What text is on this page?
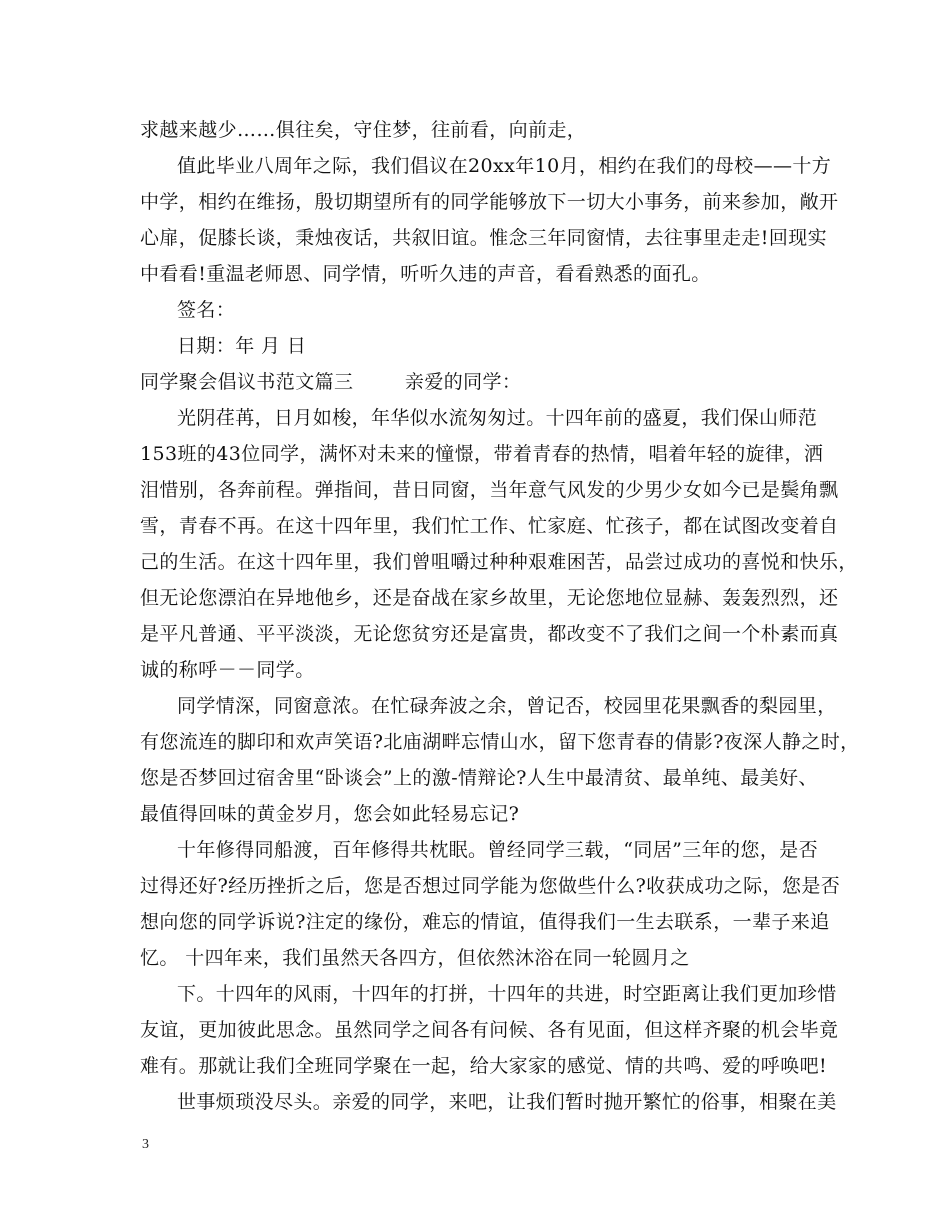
求越来越少……俱往矣，守住梦，往前看，向前走，
值此毕业八周年之际，我们倡议在20xx年10月，相约在我们的母校——十方
中学，相约在维扬，殷切期望所有的同学能够放下一切大小事务，前来参加，敞开
心扉，促膝长谈，秉烛夜话，共叙旧谊。惟念三年同窗情，去往事里走走!回现实
中看看!重温老师恩、同学情，听听久违的声音，看看熟悉的面孔。
签名：
日期：年 月 日
同学聚会倡议书范文篇三        亲爱的同学：
光阴荏苒，日月如梭，年华似水流匆匆过。十四年前的盛夏，我们保山师范
153班的43位同学，满怀对未来的憧憬，带着青春的热情，唱着年轻的旋律，洒
泪惜别，各奔前程。弹指间，昔日同窗，当年意气风发的少男少女如今已是鬓角飘
雪，青春不再。在这十四年里，我们忙工作、忙家庭、忙孩子，都在试图改变着自
己的生活。在这十四年里，我们曾咀嚼过种种艰难困苦，品尝过成功的喜悦和快乐，
但无论您漂泊在异地他乡，还是奋战在家乡故里，无论您地位显赫、轰轰烈烈，还
是平凡普通、平平淡淡，无论您贫穷还是富贵，都改变不了我们之间一个朴素而真
诚的称呼－－同学。
同学情深，同窗意浓。在忙碌奔波之余，曾记否，校园里花果飘香的梨园里，
有您流连的脚印和欢声笑语?北庙湖畔忘情山水，留下您青春的倩影?夜深人静之时，
您是否梦回过宿舍里“卧谈会”上的激-情辩论?人生中最清贫、最单纯、最美好、
最值得回味的黄金岁月，您会如此轻易忘记?
十年修得同船渡，百年修得共枕眠。曾经同学三载，“同居”三年的您，是否
过得还好?经历挫折之后，您是否想过同学能为您做些什么?收获成功之际，您是否
想向您的同学诉说?注定的缘份，难忘的情谊，值得我们一生去联系，一辈子来追
忆。 十四年来，我们虽然天各四方，但依然沐浴在同一轮圆月之
下。十四年的风雨，十四年的打拼，十四年的共进，时空距离让我们更加珍惜
友谊，更加彼此思念。虽然同学之间各有问候、各有见面，但这样齐聚的机会毕竟
难有。那就让我们全班同学聚在一起，给大家家的感觉、情的共鸣、爱的呼唤吧!
世事烦琐没尽头。亲爱的同学，来吧，让我们暂时抛开繁忙的俗事，相聚在美
3
